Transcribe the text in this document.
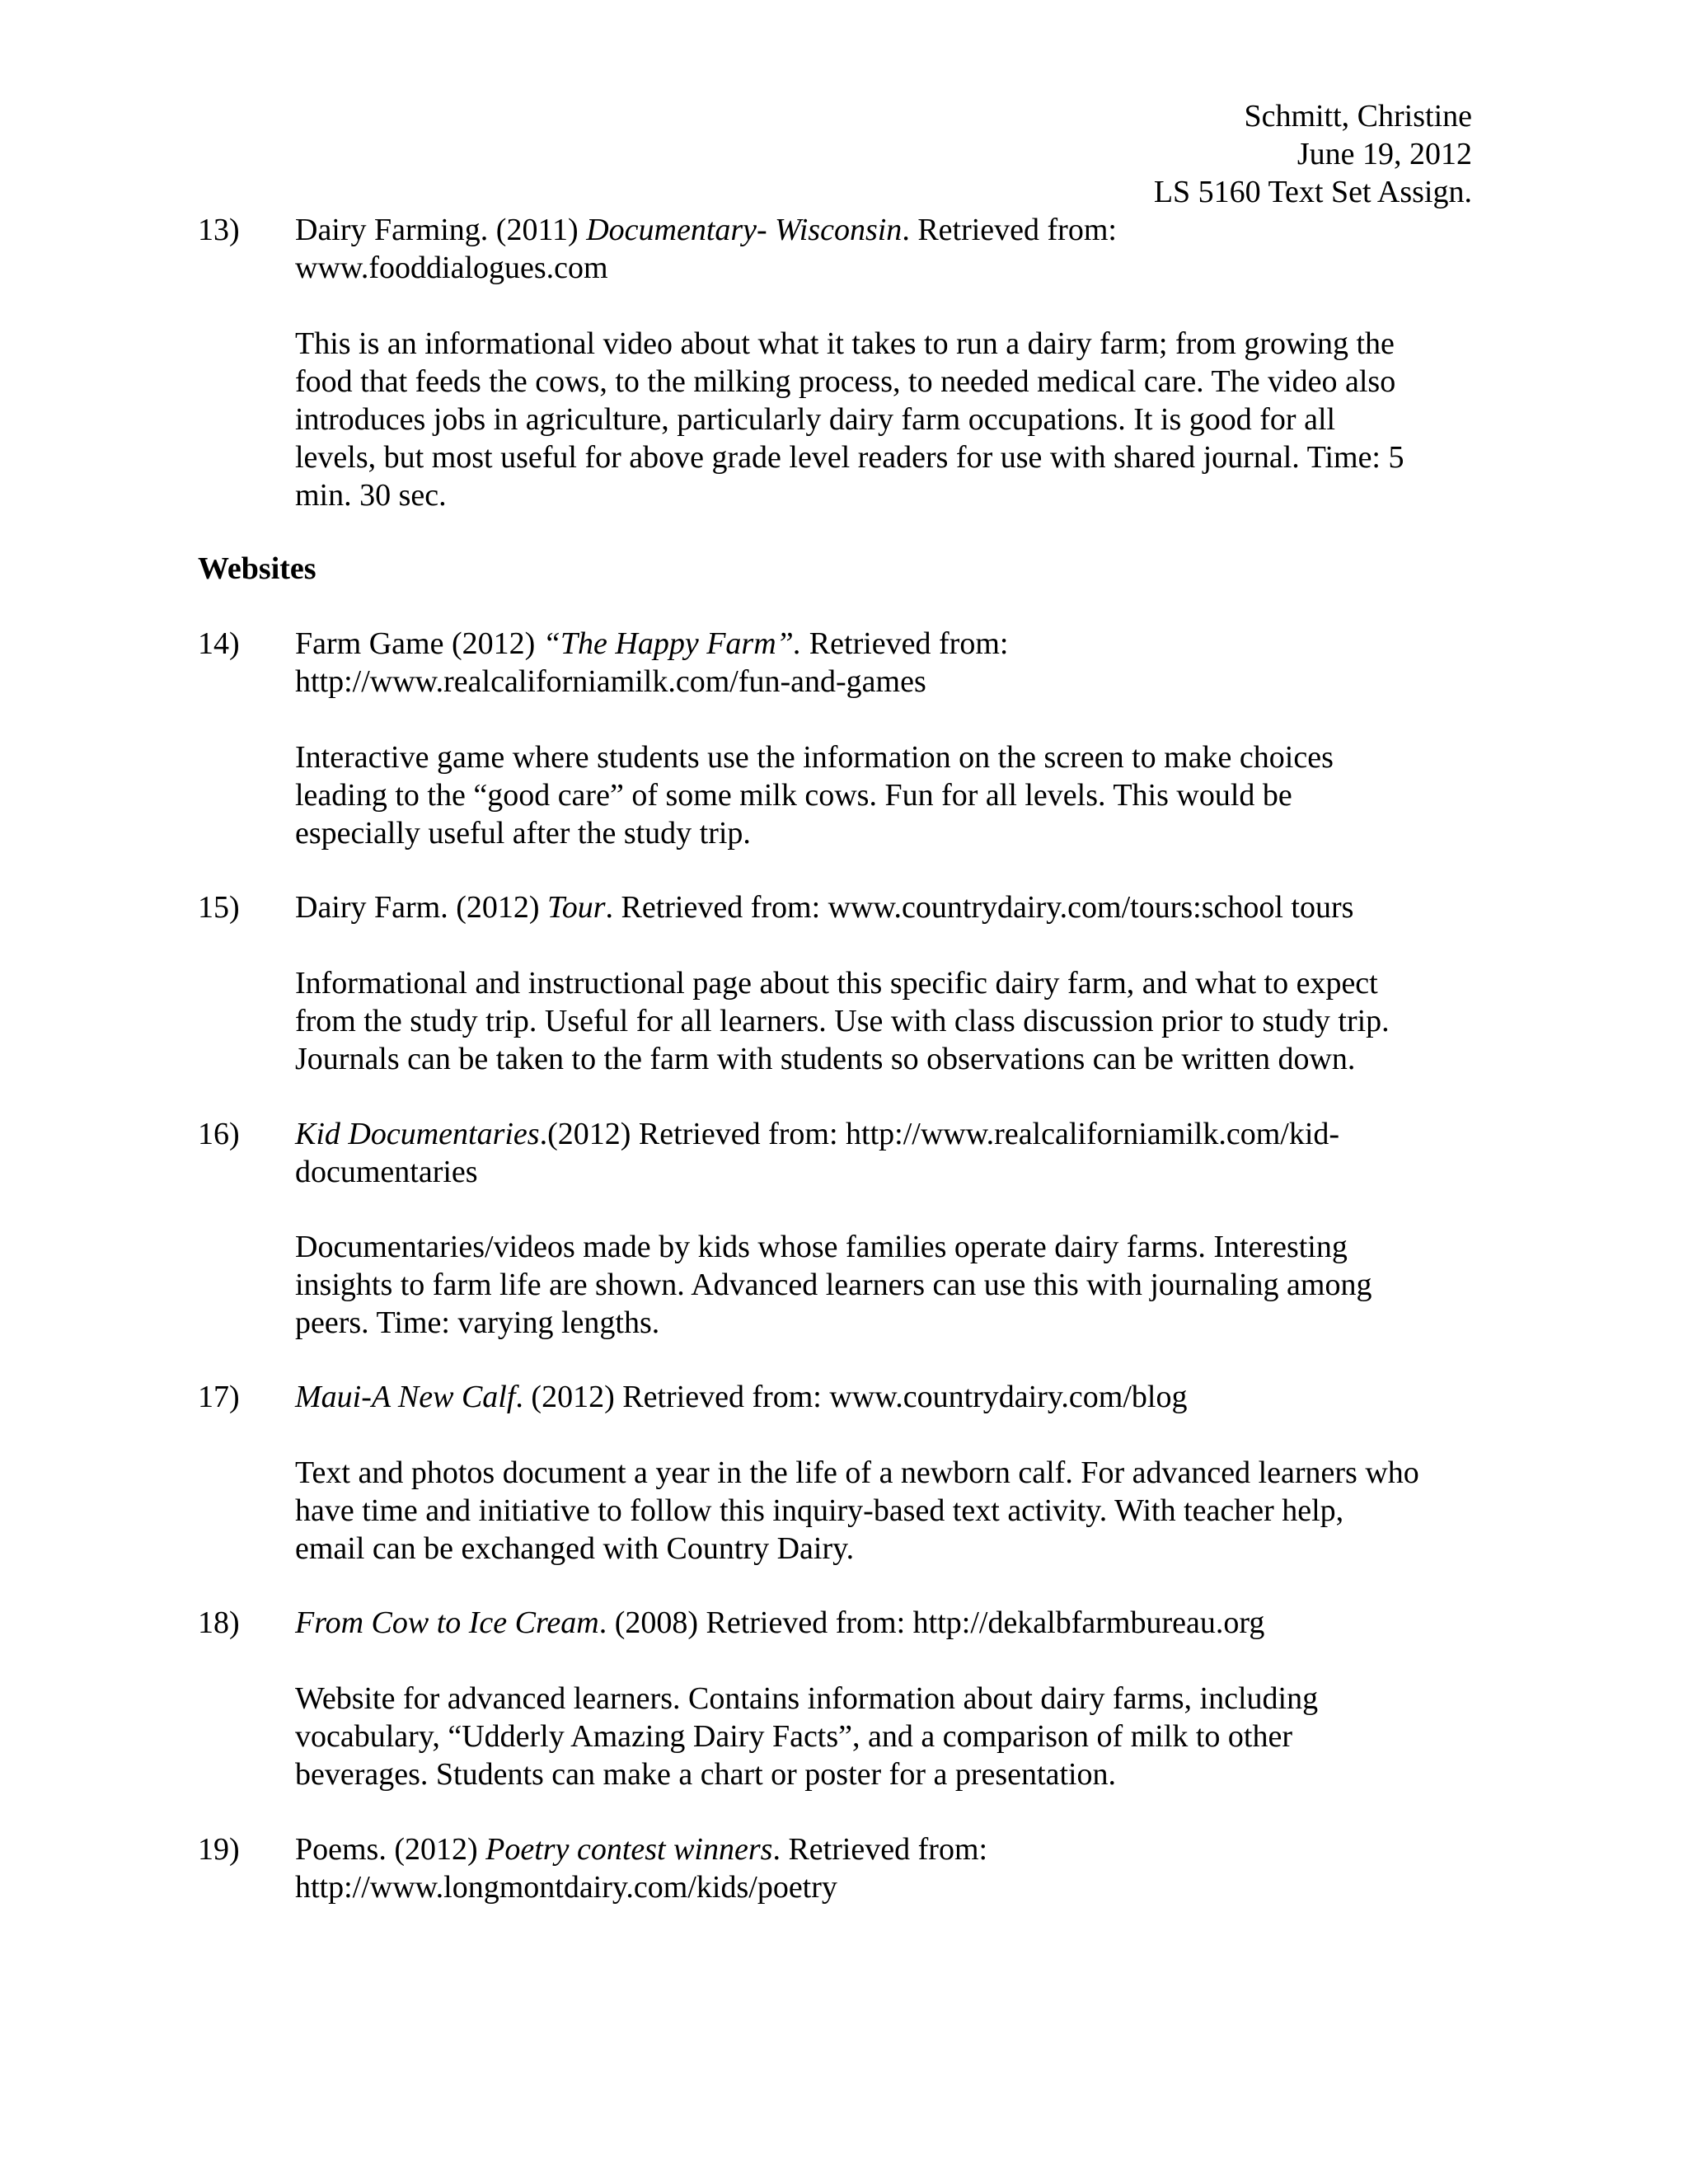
Schmitt, Christine
June 19, 2012
LS 5160 Text Set Assign.
13) Dairy Farming. (2011) Documentary- Wisconsin. Retrieved from:
www.fooddialogues.com
This is an informational video about what it takes to run a dairy farm; from growing the
food that feeds the cows, to the milking process, to needed medical care. The video also
introduces jobs in agriculture, particularly dairy farm occupations. It is good for all
levels, but most useful for above grade level readers for use with shared journal. Time: 5
min. 30 sec.
Websites
14) Farm Game (2012) “The Happy Farm”. Retrieved from:
http://www.realcaliforniamilk.com/fun-and-games
Interactive game where students use the information on the screen to make choices
leading to the “good care” of some milk cows. Fun for all levels. This would be
especially useful after the study trip.
15) Dairy Farm. (2012) Tour. Retrieved from: www.countrydairy.com/tours:school tours
Informational and instructional page about this specific dairy farm, and what to expect
from the study trip. Useful for all learners. Use with class discussion prior to study trip.
Journals can be taken to the farm with students so observations can be written down.
16) Kid Documentaries.(2012) Retrieved from: http://www.realcaliforniamilk.com/kid-
documentaries
Documentaries/videos made by kids whose families operate dairy farms. Interesting
insights to farm life are shown. Advanced learners can use this with journaling among
peers. Time: varying lengths.
17) Maui-A New Calf. (2012) Retrieved from: www.countrydairy.com/blog
Text and photos document a year in the life of a newborn calf. For advanced learners who
have time and initiative to follow this inquiry-based text activity. With teacher help,
email can be exchanged with Country Dairy.
18) From Cow to Ice Cream. (2008) Retrieved from: http://dekalbfarmbureau.org
Website for advanced learners. Contains information about dairy farms, including
vocabulary, “Udderly Amazing Dairy Facts”, and a comparison of milk to other
beverages. Students can make a chart or poster for a presentation.
19) Poems. (2012) Poetry contest winners. Retrieved from:
http://www.longmontdairy.com/kids/poetry
